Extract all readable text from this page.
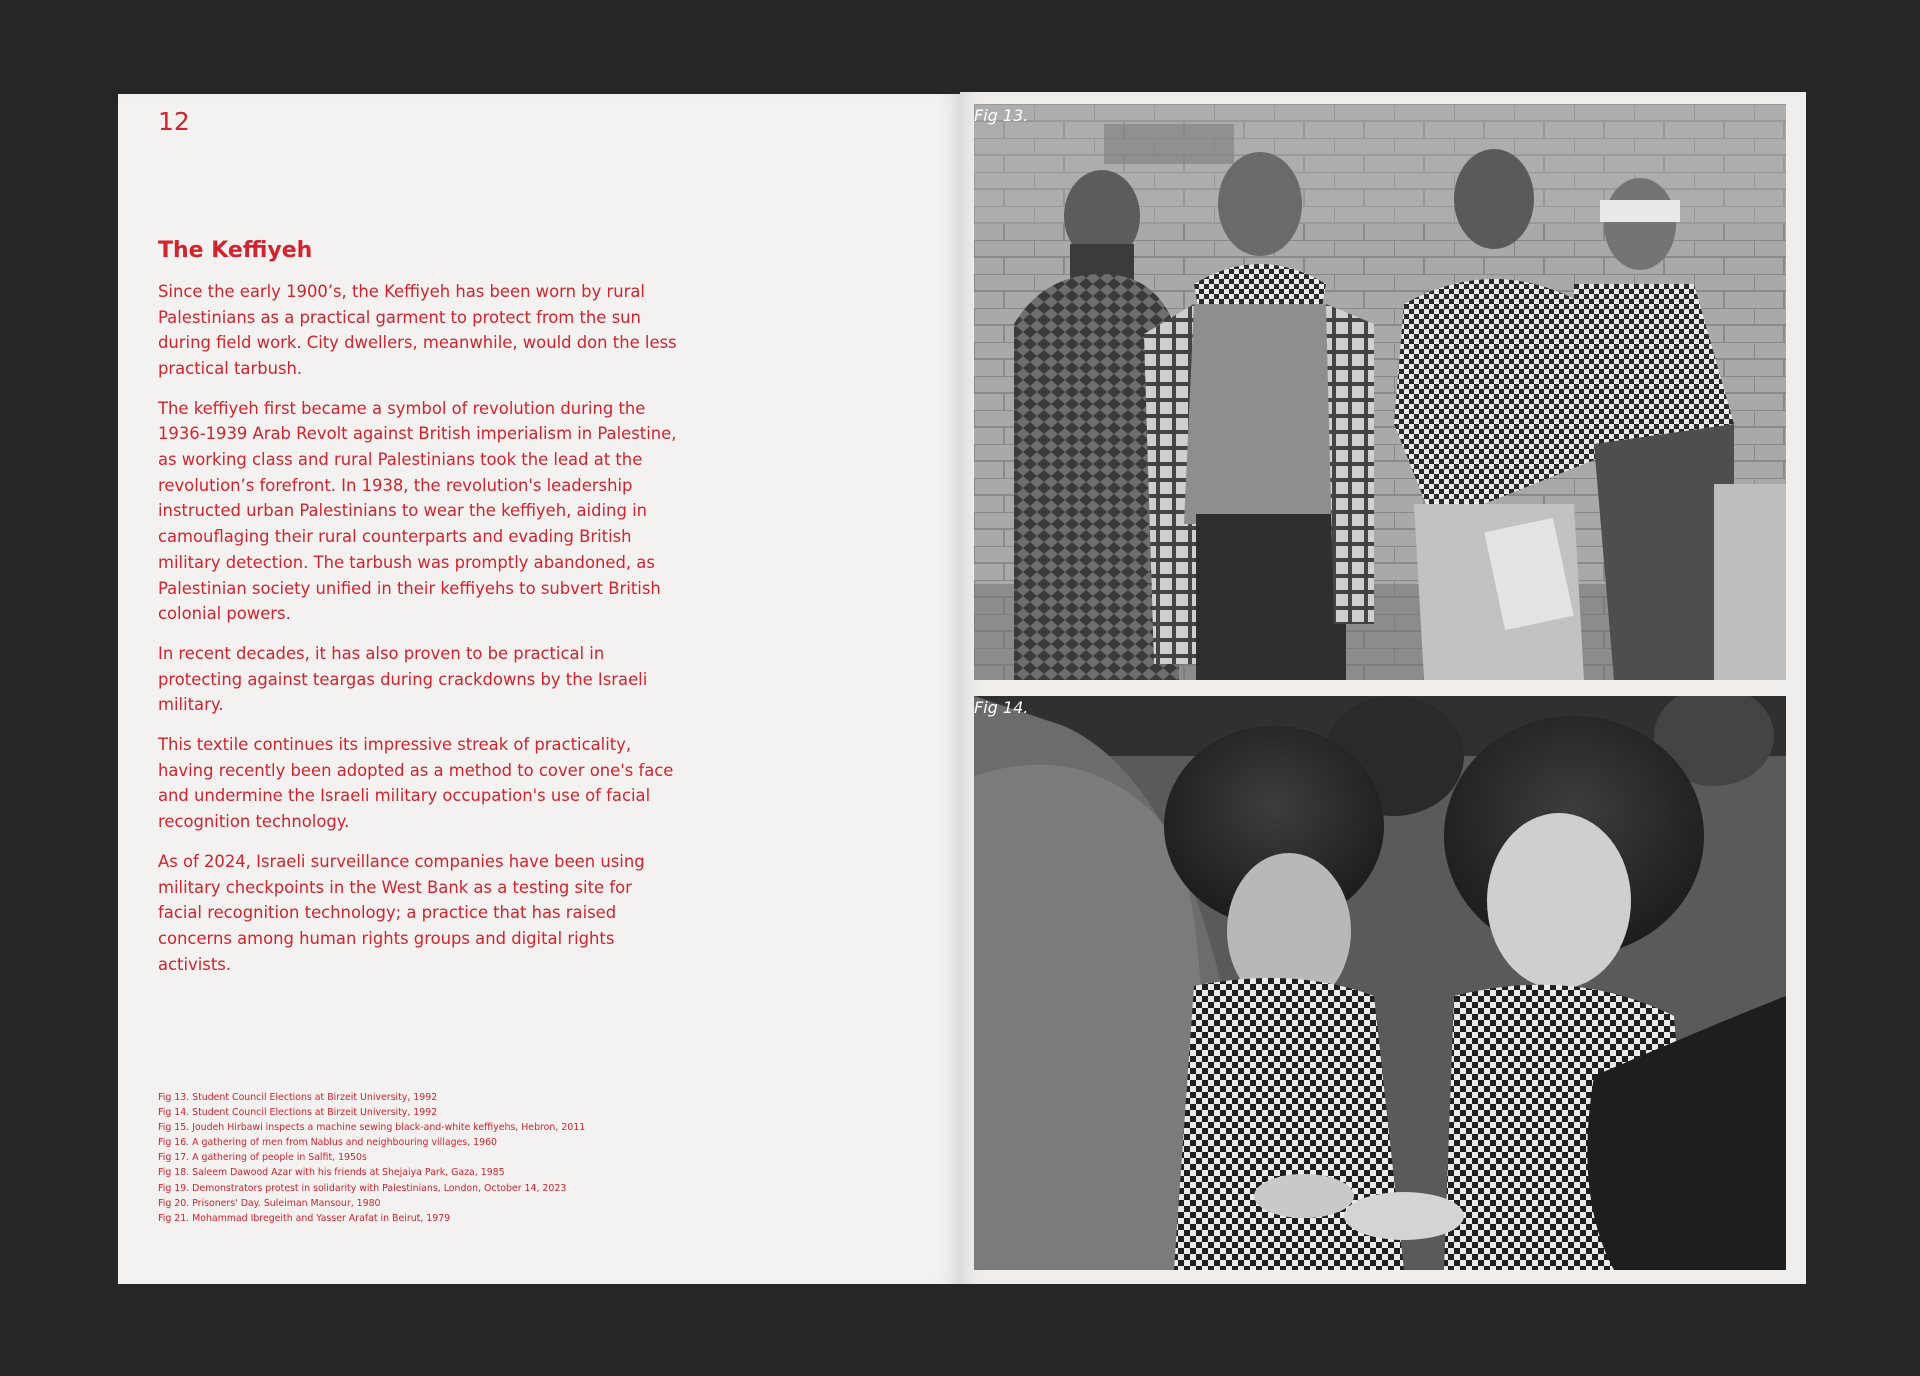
12
The Keffiyeh

Since the early 1900’s, the Keffiyeh has been worn by rural Palestinians as a practical garment to protect from the sun during field work. City dwellers, meanwhile, would don the less practical tarbush.

The keffiyeh first became a symbol of revolution during the 1936-1939 Arab Revolt against British imperialism in Palestine, as working class and rural Palestinians took the lead at the revolution’s forefront. In 1938, the revolution's leadership instructed urban Palestinians to wear the keffiyeh, aiding in camouflaging their rural counterparts and evading British military detection. The tarbush was promptly abandoned, as Palestinian society unified in their keffiyehs to subvert British colonial powers.

In recent decades, it has also proven to be practical in protecting against teargas during crackdowns by the Israeli military.

This textile continues its impressive streak of practicality, having recently been adopted as a method to cover one's face and undermine the Israeli military occupation's use of facial recognition technology.

As of 2024, Israeli surveillance companies have been using military checkpoints in the West Bank as a testing site for facial recognition technology; a practice that has raised concerns among human rights groups and digital rights activists.

Fig 13. Student Council Elections at Birzeit University, 1992
Fig 14. Student Council Elections at Birzeit University, 1992
Fig 15. Joudeh Hirbawi inspects a machine sewing black-and-white keffiyehs, Hebron, 2011
Fig 16. A gathering of men from Nablus and neighbouring villages, 1960
Fig 17. A gathering of people in Salfit, 1950s
Fig 18. Saleem Dawood Azar with his friends at Shejaiya Park, Gaza, 1985
Fig 19. Demonstrators protest in solidarity with Palestinians, London, October 14, 2023
Fig 20. Prisoners' Day. Suleiman Mansour, 1980
Fig 21. Mohammad Ibregeith and Yasser Arafat in Beirut, 1979
Fig 13.
Fig 14.
